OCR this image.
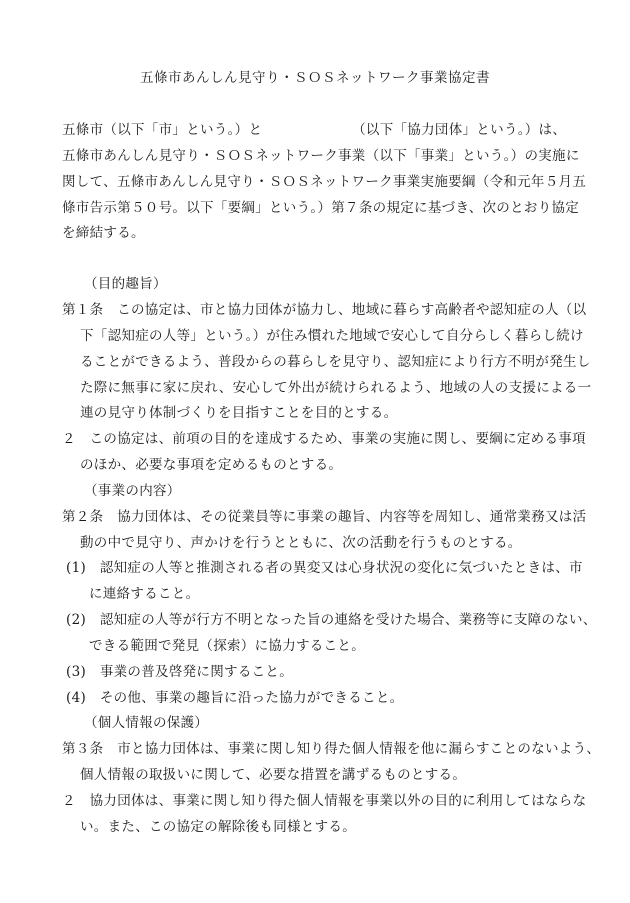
五條市あんしん見守り・ＳＯＳネットワーク事業協定書
五條市（以下「市」という。）と　　　　　　　（以下「協力団体」という。）は、
五條市あんしん見守り・ＳＯＳネットワーク事業（以下「事業」という。）の実施に
関して、五條市あんしん見守り・ＳＯＳネットワーク事業実施要綱（令和元年５月五
條市告示第５０号。以下「要綱」という。）第７条の規定に基づき、次のとおり協定
を締結する。
（目的趣旨）
第１条　この協定は、市と協力団体が協力し、地域に暮らす高齢者や認知症の人（以
下「認知症の人等」という。）が住み慣れた地域で安心して自分らしく暮らし続け
ることができるよう、普段からの暮らしを見守り、認知症により行方不明が発生し
た際に無事に家に戻れ、安心して外出が続けられるよう、地域の人の支援による一
連の見守り体制づくりを目指すことを目的とする。
２　この協定は、前項の目的を達成するため、事業の実施に関し、要綱に定める事項
のほか、必要な事項を定めるものとする。
（事業の内容）
第２条　協力団体は、その従業員等に事業の趣旨、内容等を周知し、通常業務又は活
動の中で見守り、声かけを行うとともに、次の活動を行うものとする。
(1)　認知症の人等と推測される者の異変又は心身状況の変化に気づいたときは、市
に連絡すること。
(2)　認知症の人等が行方不明となった旨の連絡を受けた場合、業務等に支障のない、
できる範囲で発見（探索）に協力すること。
(3)　事業の普及啓発に関すること。
(4)　その他、事業の趣旨に沿った協力ができること。
（個人情報の保護）
第３条　市と協力団体は、事業に関し知り得た個人情報を他に漏らすことのないよう、
個人情報の取扱いに関して、必要な措置を講ずるものとする。
２　協力団体は、事業に関し知り得た個人情報を事業以外の目的に利用してはならな
い。また、この協定の解除後も同様とする。
